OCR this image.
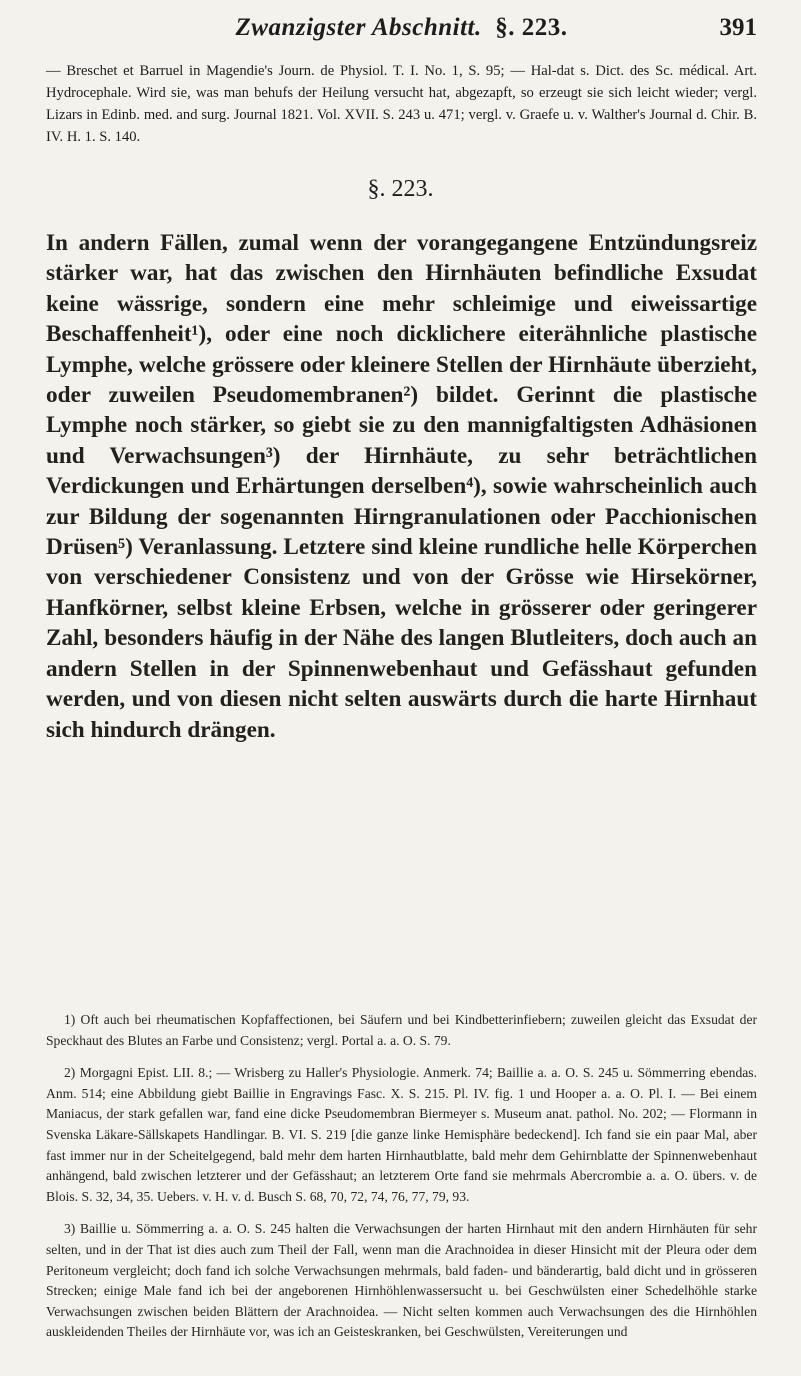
Zwanzigster Abschnitt. §. 223.	391
— Breschet et Barruel in Magendie's Journ. de Physiol. T. I. No. 1, S. 95; — Hal-dat s. Dict. des Sc. médical. Art. Hydrocephale. Wird sie, was man behufs der Heilung versucht hat, abgezapft, so erzeugt sie sich leicht wieder; vergl. Lizars in Edinb. med. and surg. Journal 1821. Vol. XVII. S. 243 u. 471; vergl. v. Graefe u. v. Walther's Journal d. Chir. B. IV. H. 1. S. 140.
§. 223.
In andern Fällen, zumal wenn der vorangegangene Entzündungsreiz stärker war, hat das zwischen den Hirnhäuten befindliche Exsudat keine wässrige, sondern eine mehr schleimige und eiweissartige Beschaffenheit¹), oder eine noch dicklichere eiterähnliche plastische Lymphe, welche grössere oder kleinere Stellen der Hirnhäute überzieht, oder zuweilen Pseudomembranen²) bildet. Gerinnt die plastische Lymphe noch stärker, so giebt sie zu den mannigfaltigsten Adhäsionen und Verwachsungen³) der Hirnhäute, zu sehr beträchtlichen Verdickungen und Erhärtungen derselben⁴), sowie wahrscheinlich auch zur Bildung der sogenannten Hirngranulationen oder Pacchionischen Drüsen⁵) Veranlassung. Letztere sind kleine rundliche helle Körperchen von verschiedener Consistenz und von der Grösse wie Hirsekörner, Hanfkörner, selbst kleine Erbsen, welche in grösserer oder geringerer Zahl, besonders häufig in der Nähe des langen Blutleiters, doch auch an andern Stellen in der Spinnenwebenhaut und Gefässhaut gefunden werden, und von diesen nicht selten auswärts durch die harte Hirnhaut sich hindurch drängen.

1) Oft auch bei rheumatischen Kopfaffectionen, bei Säufern und bei Kindbetterinfiebern; zuweilen gleicht das Exsudat der Speckhaut des Blutes an Farbe und Consistenz; vergl. Portal a. a. O. S. 79.

2) Morgagni Epist. LII. 8.; — Wrisberg zu Haller's Physiologie. Anmerk. 74; Baillie a. a. O. S. 245 u. Sömmerring ebendas. Anm. 514; eine Abbildung giebt Baillie in Engravings Fasc. X. S. 215. Pl. IV. fig. 1 und Hooper a. a. O. Pl. I. — Bei einem Maniacus, der stark gefallen war, fand eine dicke Pseudomembran Biermeyer s. Museum anat. pathol. No. 202; — Flormann in Svenska Läkare-Sällskapets Handlingar. B. VI. S. 219 [die ganze linke Hemisphäre bedeckend]. Ich fand sie ein paar Mal, aber fast immer nur in der Scheitelgegend, bald mehr dem harten Hirnhautblatte, bald mehr dem Gehirnblatte der Spinnenwebenhaut anhängend, bald zwischen letzterer und der Gefässhaut; an letzterem Orte fand sie mehrmals Abercrombie a. a. O. übers. v. de Blois. S. 32, 34, 35. Uebers. v. H. v. d. Busch S. 68, 70, 72, 74, 76, 77, 79, 93.

3) Baillie u. Sömmerring a. a. O. S. 245 halten die Verwachsungen der harten Hirnhaut mit den andern Hirnhäuten für sehr selten, und in der That ist dies auch zum Theil der Fall, wenn man die Arachnoidea in dieser Hinsicht mit der Pleura oder dem Peritoneum vergleicht; doch fand ich solche Verwachsungen mehrmals, bald faden- und bänderartig, bald dicht und in grösseren Strecken; einige Male fand ich bei der angeborenen Hirnhöhlenwassersucht u. bei Geschwülsten einer Schedelhöhle starke Verwachsungen zwischen beiden Blättern der Arachnoidea. — Nicht selten kommen auch Verwachsungen des die Hirnhöhlen auskleidenden Theiles der Hirnhäute vor, was ich an Geisteskranken, bei Geschwülsten, Vereiterungen und
